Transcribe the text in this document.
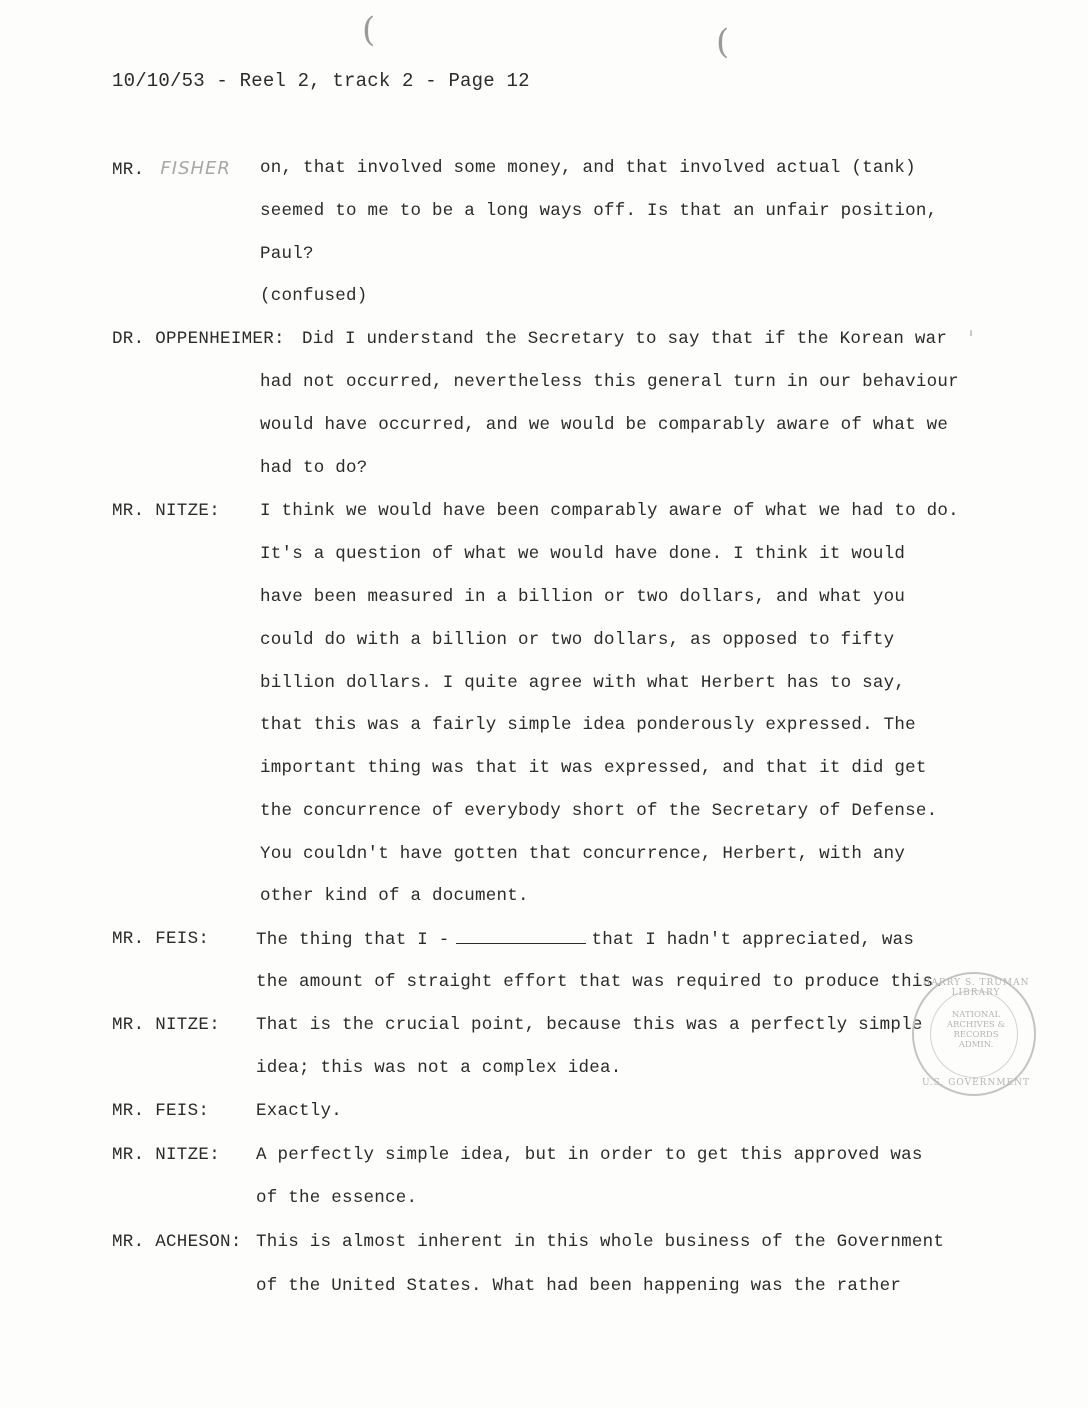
(	(
10/10/53 - Reel 2, track 2 - Page 12
MR. FISHER on, that involved some money, and that involved actual (tank)
seemed to me to be a long ways off. Is that an unfair position,
Paul?
(confused)
DR. OPPENHEIMER: Did I understand the Secretary to say that if the Korean war
had not occurred, nevertheless this general turn in our behaviour
would have occurred, and we would be comparably aware of what we
had to do?
MR. NITZE: I think we would have been comparably aware of what we had to do.
It's a question of what we would have done. I think it would
have been measured in a billion or two dollars, and what you
could do with a billion or two dollars, as opposed to fifty
billion dollars. I quite agree with what Herbert has to say,
that this was a fairly simple idea ponderously expressed. The
important thing was that it was expressed, and that it did get
the concurrence of everybody short of the Secretary of Defense.
You couldn't have gotten that concurrence, Herbert, with any
other kind of a document.
MR. FEIS:	The thing that I -	that I hadn't appreciated, was
the amount of straight effort that was required to produce this.
MR. NITZE: That is the crucial point, because this was a perfectly simple
idea; this was not a complex idea.
MR. FEIS:	Exactly.
MR. NITZE: A perfectly simple idea, but in order to get this approved was
of the essence.
MR. ACHESON: This is almost inherent in this whole business of the Government
of the United States. What had been happening was the rather
HARRY S. TRUMAN LIBRARY
NATIONAL
ARCHIVES &
RECORDS
ADMIN.
U.S. GOVERNMENT
